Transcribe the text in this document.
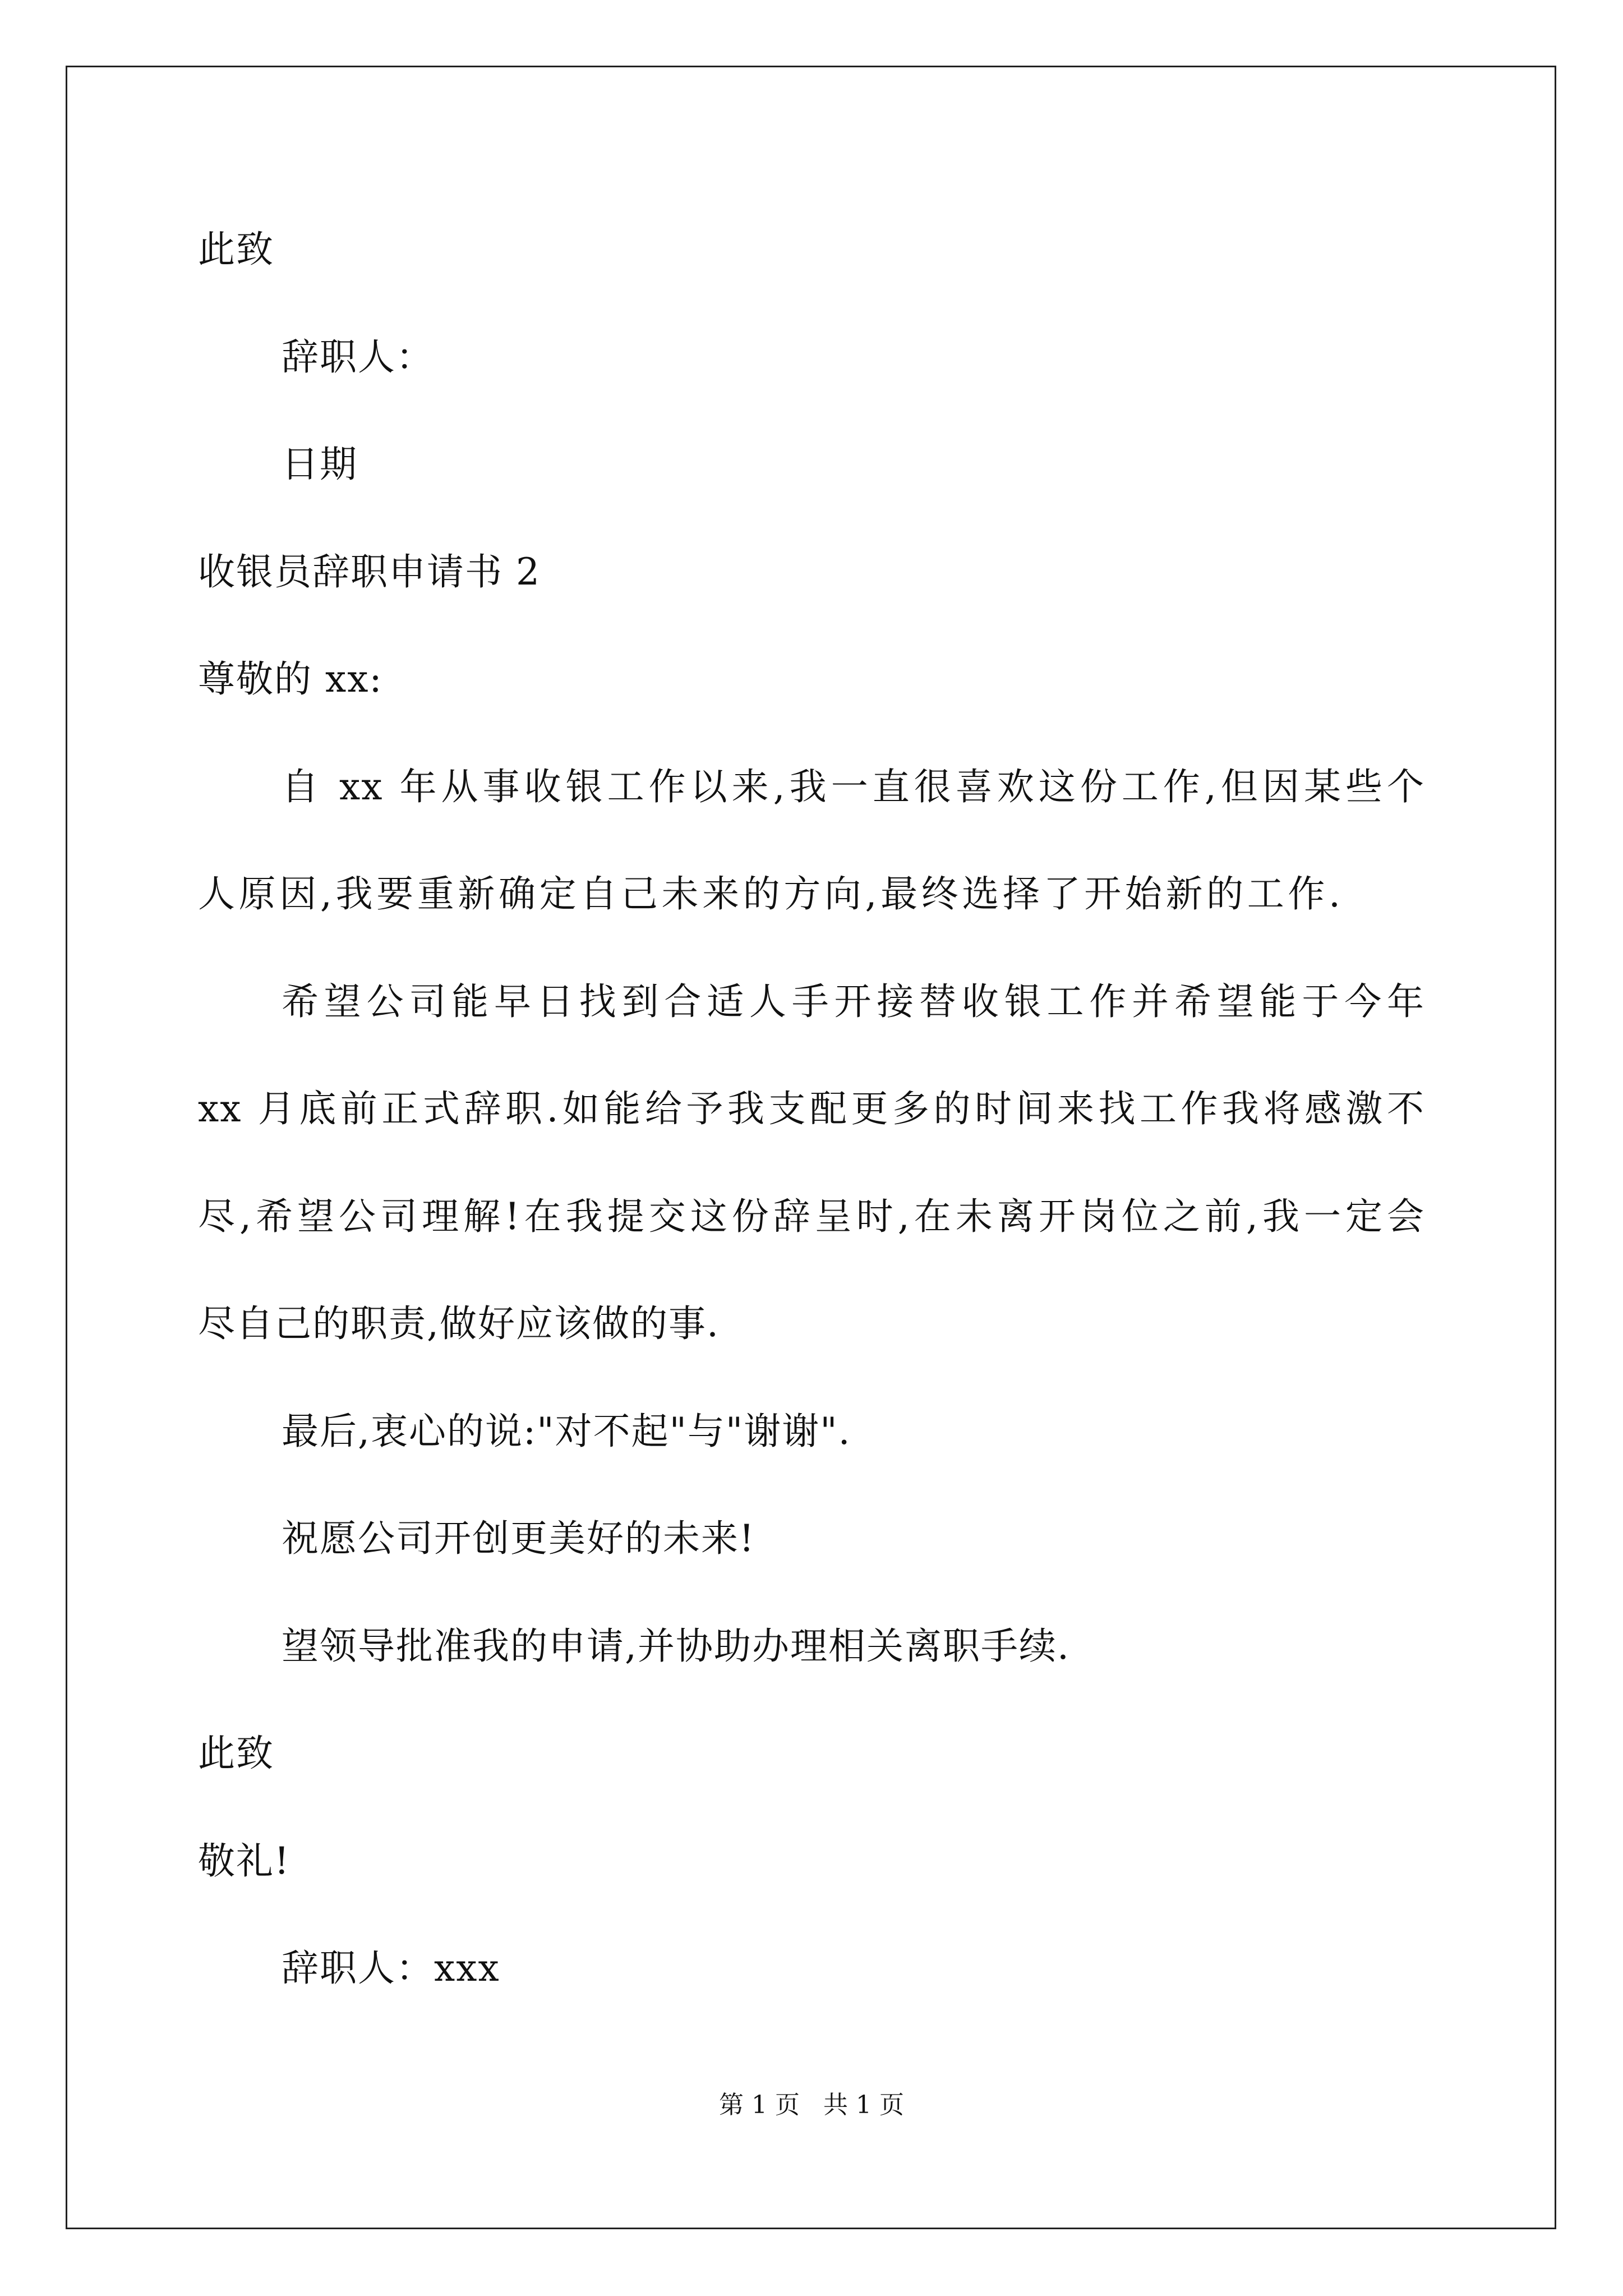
此致
辞职人：
日期
收银员辞职申请书 2
尊敬的 xx:
自 xx 年从事收银工作以来,我一直很喜欢这份工作,但因某些个
人原因,我要重新确定自己未来的方向,最终选择了开始新的工作.
希望公司能早日找到合适人手开接替收银工作并希望能于今年
xx 月底前正式辞职.如能给予我支配更多的时间来找工作我将感激不
尽,希望公司理解!在我提交这份辞呈时,在未离开岗位之前,我一定会
尽自己的职责,做好应该做的事.
最后,衷心的说:"对不起"与"谢谢".
祝愿公司开创更美好的未来!
望领导批准我的申请,并协助办理相关离职手续.
此致
敬礼!
辞职人：xxx
第 1 页   共 1 页
